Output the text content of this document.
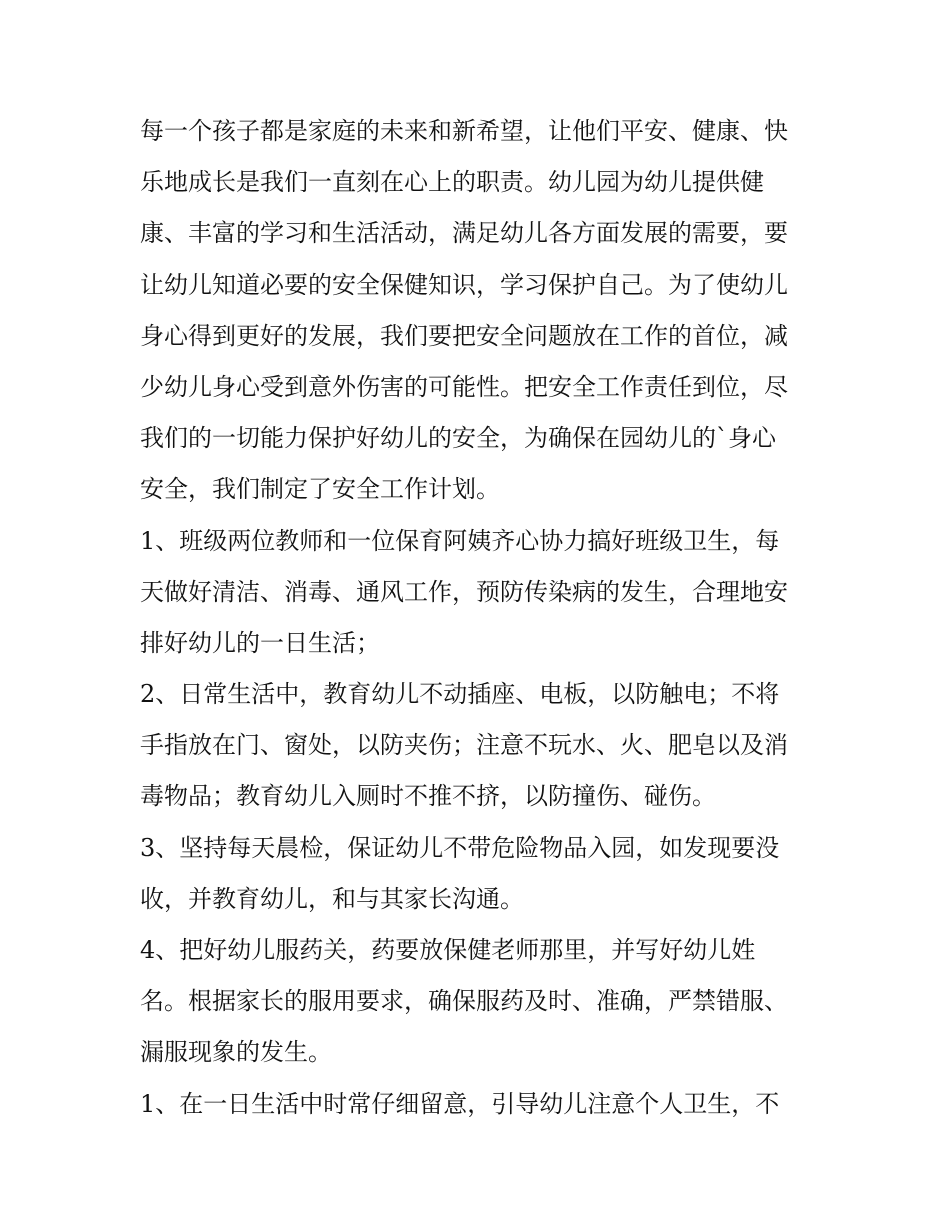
每一个孩子都是家庭的未来和新希望，让他们平安、健康、快
乐地成长是我们一直刻在心上的职责。幼儿园为幼儿提供健
康、丰富的学习和生活活动，满足幼儿各方面发展的需要，要
让幼儿知道必要的安全保健知识，学习保护自己。为了使幼儿
身心得到更好的发展，我们要把安全问题放在工作的首位，减
少幼儿身心受到意外伤害的可能性。把安全工作责任到位，尽
我们的一切能力保护好幼儿的安全，为确保在园幼儿的`身心
安全，我们制定了安全工作计划。
1、班级两位教师和一位保育阿姨齐心协力搞好班级卫生，每
天做好清洁、消毒、通风工作，预防传染病的发生，合理地安
排好幼儿的一日生活；
2、日常生活中，教育幼儿不动插座、电板，以防触电；不将
手指放在门、窗处，以防夹伤；注意不玩水、火、肥皂以及消
毒物品；教育幼儿入厕时不推不挤，以防撞伤、碰伤。
3、坚持每天晨检，保证幼儿不带危险物品入园，如发现要没
收，并教育幼儿，和与其家长沟通。
4、把好幼儿服药关，药要放保健老师那里，并写好幼儿姓
名。根据家长的服用要求，确保服药及时、准确，严禁错服、
漏服现象的发生。
1、在一日生活中时常仔细留意，引导幼儿注意个人卫生，不
